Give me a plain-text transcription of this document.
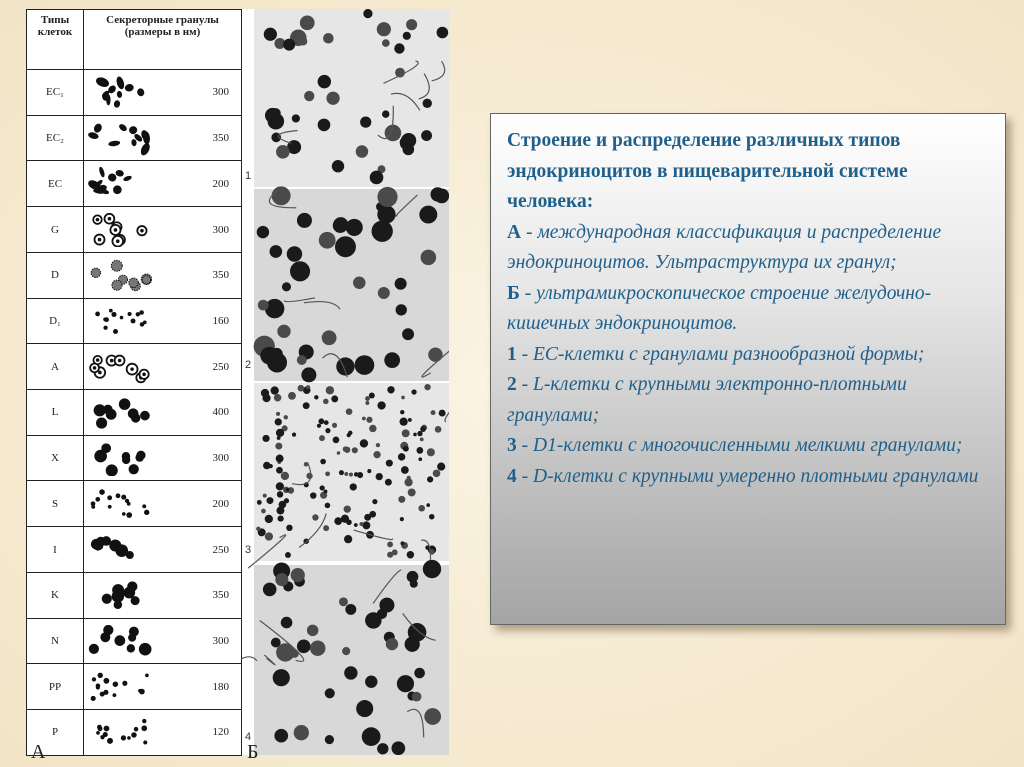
Типы клеток	Секреторные гранулы (размеры в нм)
EC₁	300

EC₂	350

EC	200

G	300

D	350

D₁	160

A	250

L	400

X	300

S	200

I	250

K	350

N	300

PP	180

P	120
1
2
3
4
А	Б

Строение и распределение различных типов эндокриноцитов в пищеварительной системе человека:

А - международная классификация и распределение эндокриноцитов. Ультраструктура их гранул;

Б - ультрамикроскопическое строение желудочно-кишечных эндокриноцитов.

1 - ЕС-клетки с гранулами разнообразной формы;

2 - L-клетки с крупными электронно-плотными гранулами;

3 - D1-клетки с многочисленными мелкими гранулами;

4 - D-клетки с крупными умеренно плотными гранулами
